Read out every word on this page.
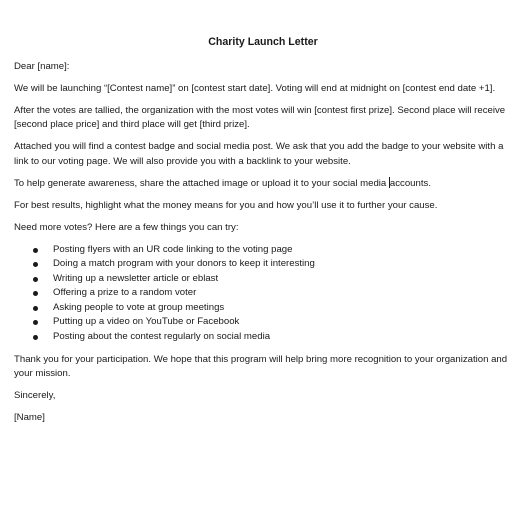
Charity Launch Letter

Dear [name]:

We will be launching “[Contest name]” on [contest start date]. Voting will end at midnight on [contest end date +1].

After the votes are tallied, the organization with the most votes will win [contest first prize]. Second place will receive [second place price] and third place will get [third prize].

Attached you will find a contest badge and social media post. We ask that you add the badge to your website with a link to our voting page. We will also provide you with a backlink to your website.

To help generate awareness, share the attached image or upload it to your social media accounts.

For best results, highlight what the money means for you and how you’ll use it to further your cause.

Need more votes? Here are a few things you can try:

Posting flyers with an UR code linking to the voting page
Doing a match program with your donors to keep it interesting
Writing up a newsletter article or eblast
Offering a prize to a random voter
Asking people to vote at group meetings
Putting up a video on YouTube or Facebook
Posting about the contest regularly on social media

Thank you for your participation. We hope that this program will help bring more recognition to your organization and your mission.

Sincerely,

[Name]
